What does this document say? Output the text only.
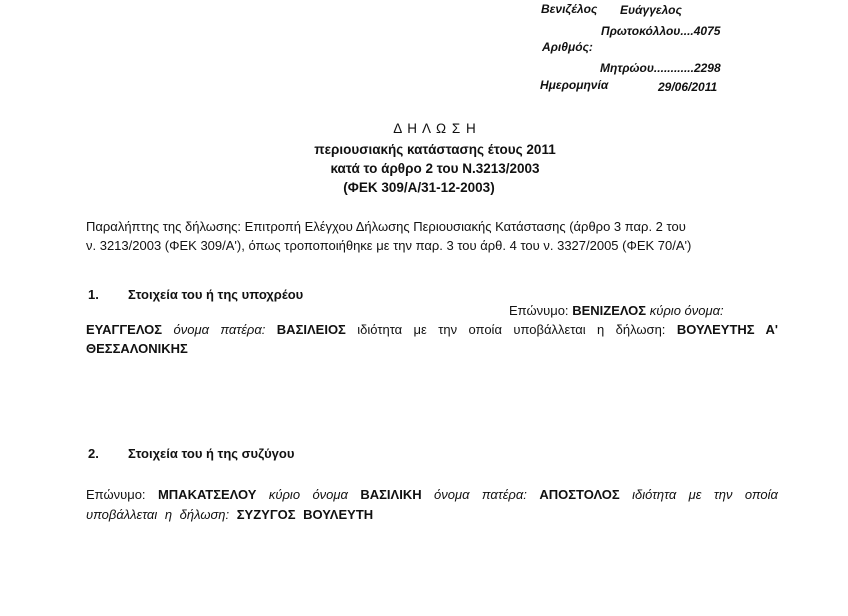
Βενιζέλος Ευάγγελος
Πρωτοκόλλου....4075
Αριθμός:
Μητρώου............2298
Ημερομηνία	29/06/2011
Δ Η Λ Ω Σ Η
περιουσιακής κατάστασης έτους 2011
κατά το άρθρο 2 του Ν.3213/2003
(ΦΕΚ 309/Α/31-12-2003)
Παραλήπτης της δήλωσης: Επιτροπή Ελέγχου Δήλωσης Περιουσιακής Κατάστασης (άρθρο 3 παρ. 2 του
ν. 3213/2003 (ΦΕΚ 309/Α'), όπως τροποποιήθηκε με την παρ. 3 του άρθ. 4 του ν. 3327/2005 (ΦΕΚ 70/Α')
1. Στοιχεία του ή της υποχρέου
Επώνυμο: ΒΕΝΙΖΕΛΟΣ κύριο όνομα:
ΕΥΑΓΓΕΛΟΣ όνομα πατέρα: ΒΑΣΙΛΕΙΟΣ ιδιότητα με την οποία υποβάλλεται η δήλωση: ΒΟΥΛΕΥΤΗΣ Α'
ΘΕΣΣΑΛΟΝΙΚΗΣ
2. Στοιχεία του ή της συζύγου
Επώνυμο: ΜΠΑΚΑΤΣΕΛΟΥ κύριο όνομα ΒΑΣΙΛΙΚΗ όνομα πατέρα: ΑΠΟΣΤΟΛΟΣ ιδιότητα με την οποία
υποβάλλεται η δήλωση: ΣΥΖΥΓΟΣ ΒΟΥΛΕΥΤΗ
